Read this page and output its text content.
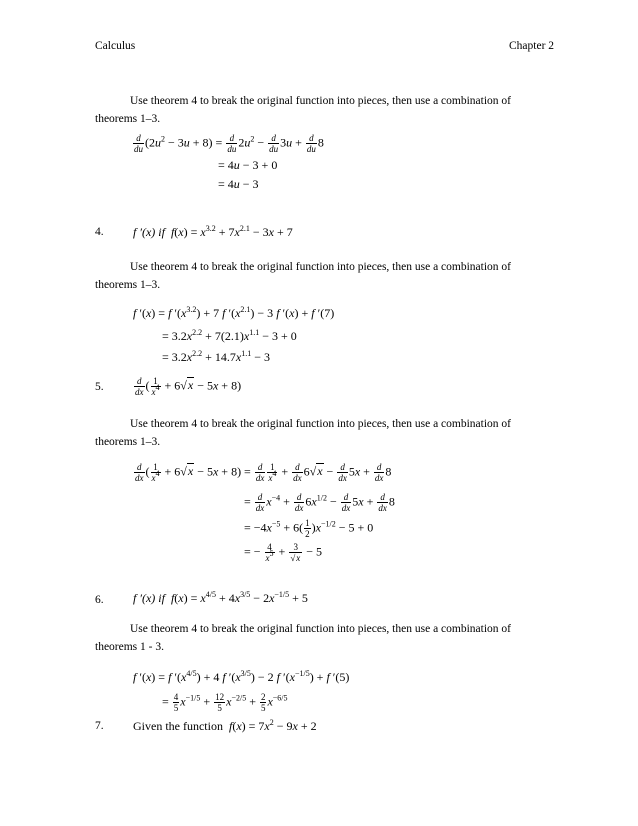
Calculus	Chapter 2
Use theorem 4 to break the original function into pieces, then use a combination of theorems 1–3.
$\frac{d}{du} (2u^2 - 3u + 8) = \frac{d}{du} 2u^2 - \frac{d}{du} 3u + \frac{d}{du} 8$
= 4u − 3 + 0
= 4u − 3
4. f ′(x) if $f(x) = x^{3.2} + 7x^{2.1} - 3x + 7$
Use theorem 4 to break the original function into pieces, then use a combination of theorems 1–3.
f ′(x) = f $'(x^{3.2}) + 7$ f $'(x^{2.1}) - 3$ f ′(x) + f ′(7)
= $3.2x^{2.2} + 7(2.1)x^{1.1} - 3 + 0$
= $3.2x^{2.2} + 14.7x^{1.1} - 3$
5.	$\frac{d}{dx}$ ( $\frac{1}{x^4} + 6√x - 5x + 8$)
Use theorem 4 to break the original function into pieces, then use a combination of theorems 1–3.
$\frac{d}{dx}$ ( $\frac{1}{x^4} + 6√x - 5x + 8) = \frac{d}{dx} \frac{1}{x^4} + \frac{d}{dx} 6√x - \frac{d}{dx} 5x + \frac{d}{dx} 8$
= $\frac{d}{dx} x^{-4} + \frac{d}{dx} 6x^{1/2} - \frac{d}{dx} 5x + \frac{d}{dx} 8$
= $-4x^{-5} + 6( \frac{1}{2} )x^{-1/2} - 5 + 0$
= − $\frac{4}{x^5} + \frac{3}{√x} - 5$
6. f ′(x) if $f(x) = x^{4/5} + 4x^{3/5} - 2x^{-1/5} + 5$
Use theorem 4 to break the original function into pieces, then use a combination of theorems 1 - 3.
f ′(x) = f $'(x^{4/5}) + 4$ f $'(x^{3/5}) - 2$ f $'(x^{-1/5}) + f$ ′(5)
= $\frac{4}{5} x^{-1/5} + \frac{12}{5} x^{-2/5} + \frac{2}{5} x^{-6/5}$
7. Given the function $f(x) = 7x^2 - 9x + 2$
